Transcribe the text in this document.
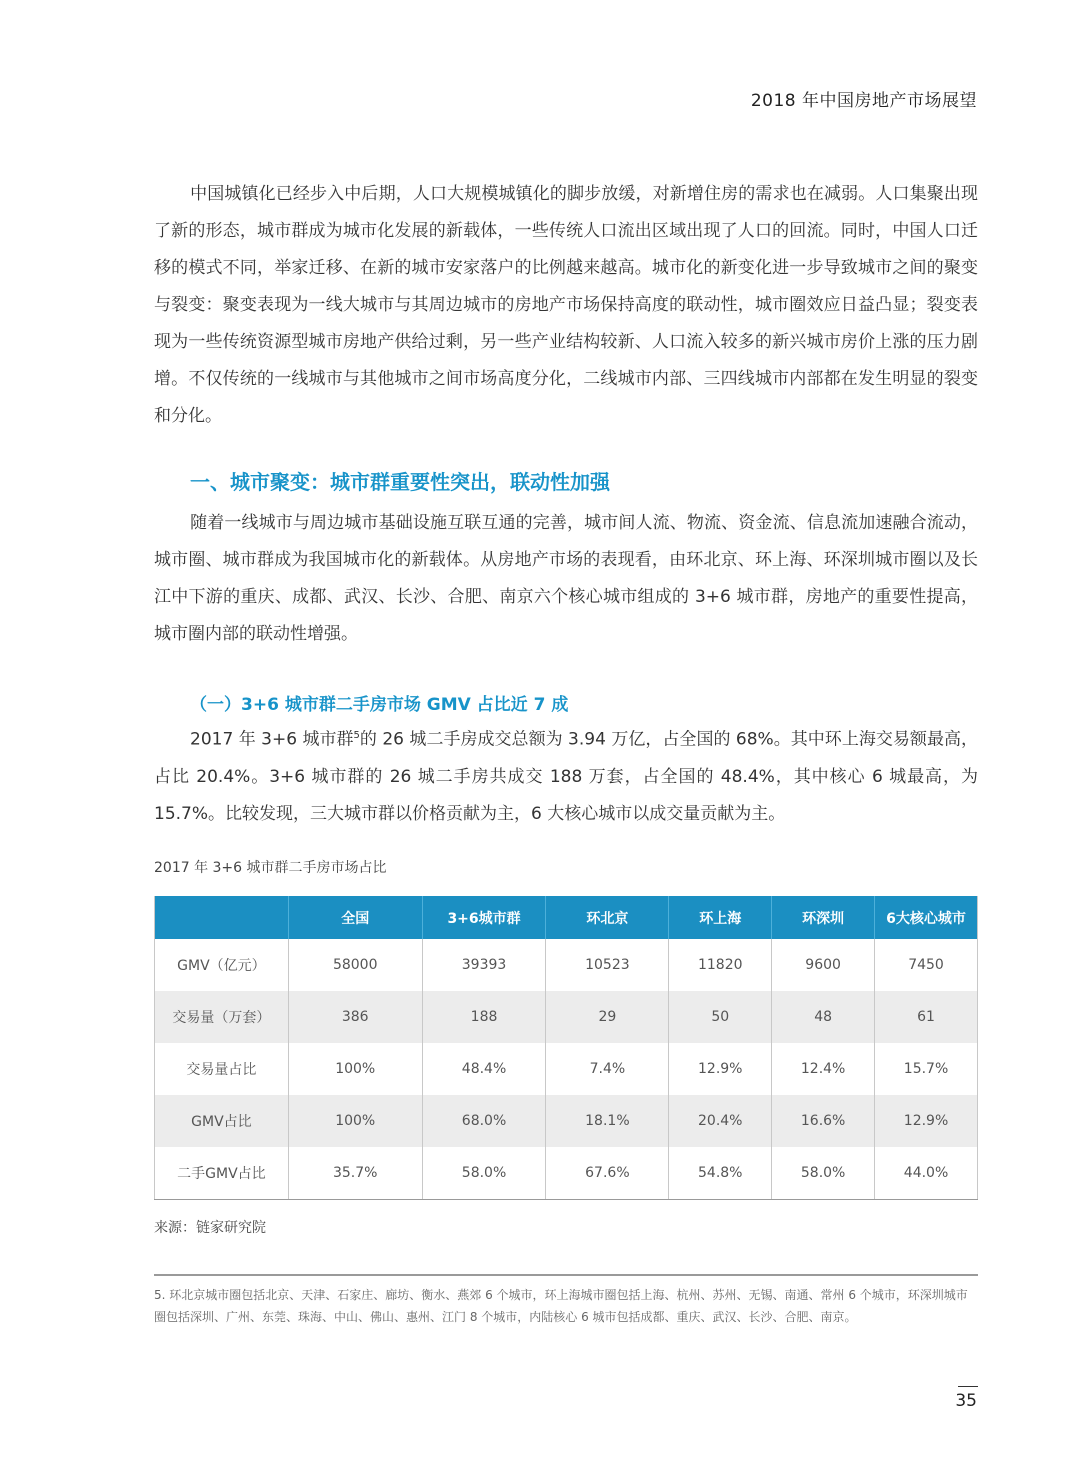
2018 年中国房地产市场展望

中国城镇化已经步入中后期，人口大规模城镇化的脚步放缓，对新增住房的需求也在减弱。人口集聚出现了新的形态，城市群成为城市化发展的新载体，一些传统人口流出区域出现了人口的回流。同时，中国人口迁移的模式不同，举家迁移、在新的城市安家落户的比例越来越高。城市化的新变化进一步导致城市之间的聚变与裂变：聚变表现为一线大城市与其周边城市的房地产市场保持高度的联动性，城市圈效应日益凸显；裂变表现为一些传统资源型城市房地产供给过剩，另一些产业结构较新、人口流入较多的新兴城市房价上涨的压力剧增。不仅传统的一线城市与其他城市之间市场高度分化，二线城市内部、三四线城市内部都在发生明显的裂变和分化。

一、城市聚变：城市群重要性突出，联动性加强

随着一线城市与周边城市基础设施互联互通的完善，城市间人流、物流、资金流、信息流加速融合流动，城市圈、城市群成为我国城市化的新载体。从房地产市场的表现看，由环北京、环上海、环深圳城市圈以及长江中下游的重庆、成都、武汉、长沙、合肥、南京六个核心城市组成的 3+6 城市群，房地产的重要性提高，城市圈内部的联动性增强。

（一）3+6 城市群二手房市场 GMV 占比近 7 成

2017 年 3+6 城市群$^5$的 26 城二手房成交总额为 3.94 万亿，占全国的 68%。其中环上海交易额最高，占比 20.4%。3+6 城市群的 26 城二手房共成交 188 万套，占全国的 48.4%，其中核心 6 城最高，为 15.7%。比较发现，三大城市群以价格贡献为主，6 大核心城市以成交量贡献为主。

2017 年 3+6 城市群二手房市场占比
	全国	3+6城市群	环北京	环上海	环深圳	6大核心城市
GMV（亿元）	58000	39393	10523	11820	9600	7450
交易量（万套）	386	188	29	50	48	61
交易量占比	100%	48.4%	7.4%	12.9%	12.4%	15.7%
GMV占比	100%	68.0%	18.1%	20.4%	16.6%	12.9%
二手GMV占比	35.7%	58.0%	67.6%	54.8%	58.0%	44.0%
来源：链家研究院

5. 环北京城市圈包括北京、天津、石家庄、廊坊、衡水、燕郊 6 个城市，环上海城市圈包括上海、杭州、苏州、无锡、南通、常州 6 个城市，环深圳城市圈包括深圳、广州、东莞、珠海、中山、佛山、惠州、江门 8 个城市，内陆核心 6 城市包括成都、重庆、武汉、长沙、合肥、南京。

35
